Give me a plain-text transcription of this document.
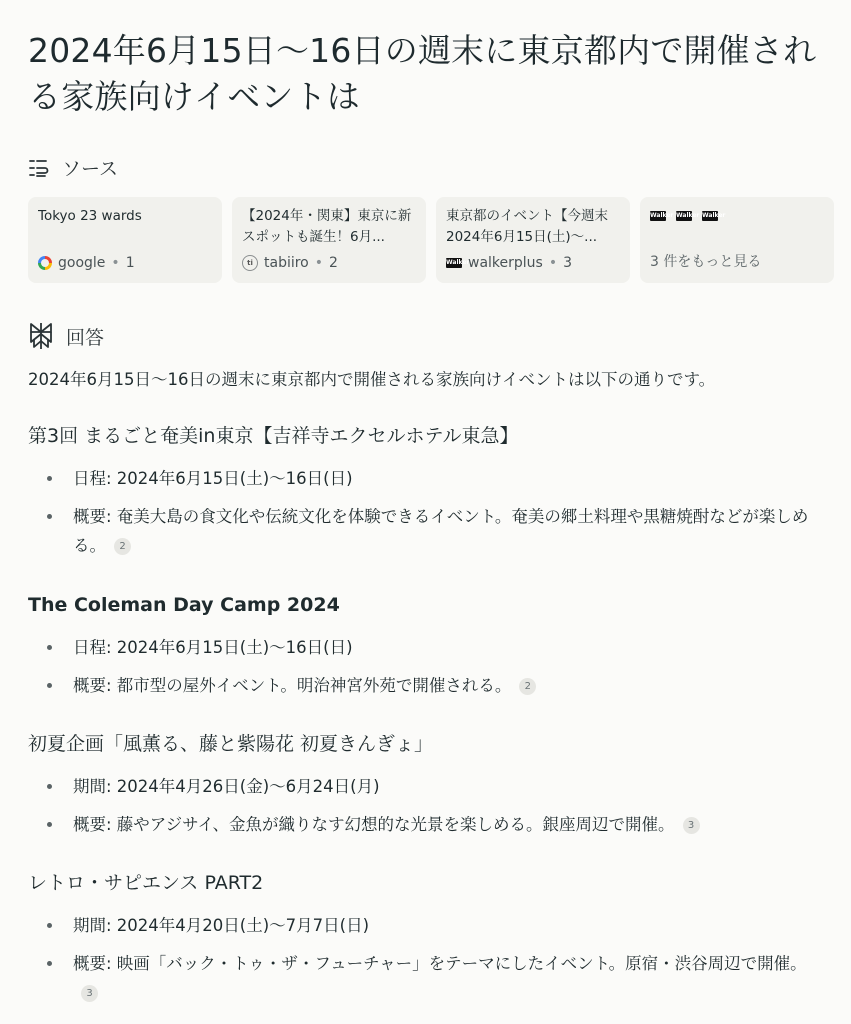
2024年6月15日〜16日の週末に東京都内で開催される家族向けイベントは
ソース
Tokyo 23 wards
google • 1
【2024年・関東】東京に新スポットも誕生！6月...
ti tabiiro • 2
東京都のイベント【今週末 2024年6月15日(土)〜...
Walker
walkerplus • 3
Walker Walker Walker
3 件をもっと見る
回答

2024年6月15日〜16日の週末に東京都内で開催される家族向けイベントは以下の通りです。

第3回 まるごと奄美in東京【吉祥寺エクセルホテル東急】
日程: 2024年6月15日(土)〜16日(日)
概要: 奄美大島の食文化や伝統文化を体験できるイベント。奄美の郷土料理や黒糖焼酎などが楽しめる。 2
The Coleman Day Camp 2024
日程: 2024年6月15日(土)〜16日(日)
概要: 都市型の屋外イベント。明治神宮外苑で開催される。 2
初夏企画「風薫る、藤と紫陽花 初夏きんぎょ」
期間: 2024年4月26日(金)〜6月24日(月)
概要: 藤やアジサイ、金魚が織りなす幻想的な光景を楽しめる。銀座周辺で開催。 3
レトロ・サピエンス PART2
期間: 2024年4月20日(土)〜7月7日(日)
概要: 映画「バック・トゥ・ザ・フューチャー」をテーマにしたイベント。原宿・渋谷周辺で開催。3
